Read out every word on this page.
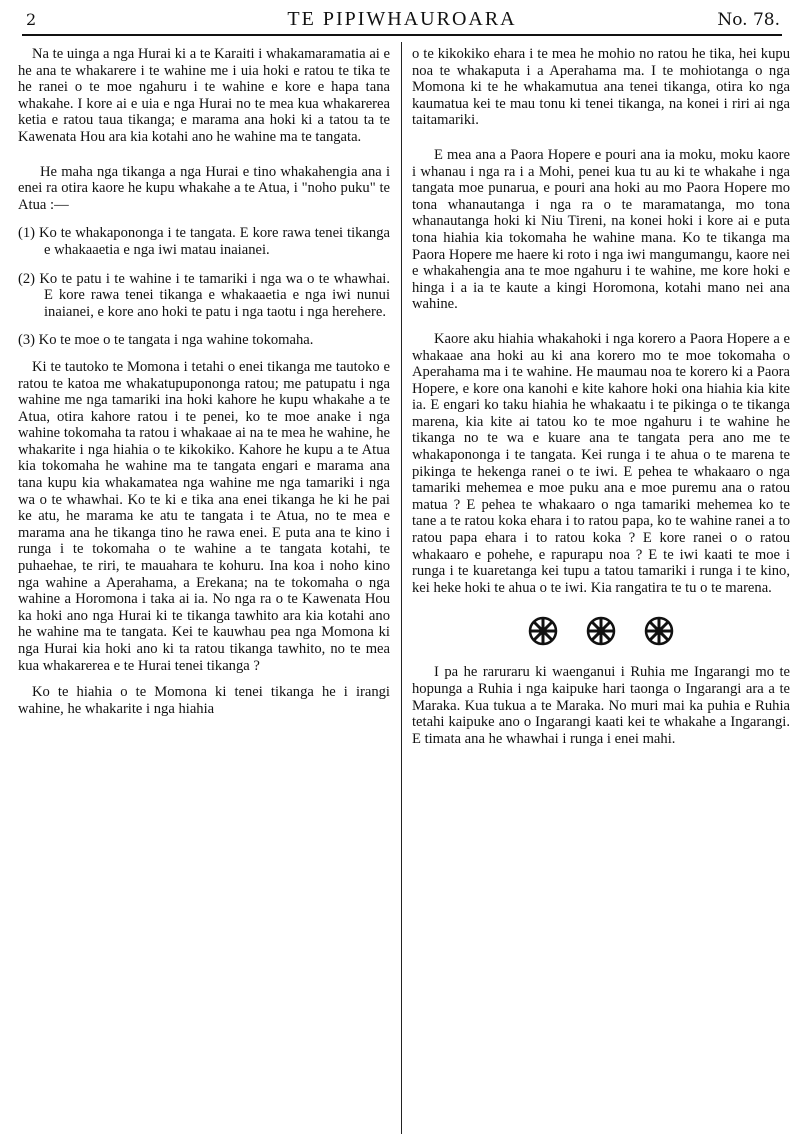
2	TE PIPIWHAUROARA	No. 78.

Na te uinga a nga Hurai ki a te Karaiti i whakamaramatia ai e he ana te whakarere i te wahine me i uia hoki e ratou te tika te he ranei o te moe ngahuru i te wahine e kore e hapa tana whakahe. I kore ai e uia e nga Hurai no te mea kua whakarerea ketia e ratou taua tikanga; e marama ana hoki ki a tatou ta te Kawenata Hou ara kia kotahi ano he wahine ma te tangata.

He maha nga tikanga a nga Hurai e tino whakahengia ana i enei ra otira kaore he kupu whakahe a te Atua, i "noho puku" te Atua :—

(1) Ko te whakapononga i te tangata. E kore rawa tenei tikanga e whakaaetia e nga iwi matau inaianei.

(2) Ko te patu i te wahine i te tamariki i nga wa o te whawhai. E kore rawa tenei tikanga e whakaaetia e nga iwi nunui inaianei, e kore ano hoki te patu i nga taotu i nga herehere.

(3) Ko te moe o te tangata i nga wahine tokomaha.

Ki te tautoko te Momona i tetahi o enei tikanga me tautoko e ratou te katoa me whakatupupononga ratou; me patupatu i nga wahine me nga tamariki ina hoki kahore he kupu whakahe a te Atua, otira kahore ratou i te penei, ko te moe anake i nga wahine tokomaha ta ratou i whakaae ai na te mea he wahine, he whakarite i nga hiahia o te kikokiko. Kahore he kupu a te Atua kia tokomaha he wahine ma te tangata engari e marama ana tana kupu kia whakamatea nga wahine me nga tamariki i nga wa o te whawhai. Ko te ki e tika ana enei tikanga he ki he pai ke atu, he marama ke atu te tangata i te Atua, no te mea e marama ana he tikanga tino he rawa enei. E puta ana te kino i runga i te tokomaha o te wahine a te tangata kotahi, te puhaehae, te riri, te mauahara te kohuru. Ina koa i noho kino nga wahine a Aperahama, a Erekana; na te tokomaha o nga wahine a Horomona i taka ai ia. No nga ra o te Kawenata Hou ka hoki ano nga Hurai ki te tikanga tawhito ara kia kotahi ano he wahine ma te tangata. Kei te kauwhau pea nga Momona ki nga Hurai kia hoki ano ki ta ratou tikanga tawhito, no te mea kua whakarerea e te Hurai tenei tikanga ?

Ko te hiahia o te Momona ki tenei tikanga he i irangi wahine, he whakarite i nga hiahia

o te kikokiko ehara i te mea he mohio no ratou he tika, hei kupu noa te whakaputa i a Aperahama ma. I te mohiotanga o nga Momona ki te he whakamutua ana tenei tikanga, otira ko nga kaumatua kei te mau tonu ki tenei tikanga, na konei i riri ai nga taitamariki.

E mea ana a Paora Hopere e pouri ana ia moku, moku kaore i whanau i nga ra i a Mohi, penei kua tu au ki te whakahe i nga tangata moe punarua, e pouri ana hoki au mo Paora Hopere mo tona whanautanga i nga ra o te maramatanga, mo tona whanautanga hoki ki Niu Tireni, na konei hoki i kore ai e puta tona hiahia kia tokomaha he wahine mana. Ko te tikanga ma Paora Hopere me haere ki roto i nga iwi mangumangu, kaore nei e whakahengia ana te moe ngahuru i te wahine, me kore hoki e hinga i a ia te kaute a kingi Horomona, kotahi mano nei ana wahine.

Kaore aku hiahia whakahoki i nga korero a Paora Hopere a e whakaae ana hoki au ki ana korero mo te moe tokomaha o Aperahama ma i te wahine. He maumau noa te korero ki a Paora Hopere, e kore ona kanohi e kite kahore hoki ona hiahia kia kite ia. E engari ko taku hiahia he whakaatu i te pikinga o te tikanga marena, kia kite ai tatou ko te moe ngahuru i te wahine he tikanga no te wa e kuare ana te tangata pera ano me te whakapononga i te tangata. Kei runga i te ahua o te marena te pikinga te hekenga ranei o te iwi. E pehea te whakaaro o nga tamariki mehemea e moe puku ana e moe puremu ana o ratou matua ? E pehea te whakaaro o nga tamariki mehemea ko te tane a te ratou koka ehara i to ratou papa, ko te wahine ranei a to ratou papa ehara i to ratou koka ? E kore ranei o o ratou whakaaro e pohehe, e rapurapu noa ? E te iwi kaati te moe i runga i te kuaretanga kei tupu a tatou tamariki i runga i te kino, kei heke hoki te ahua o te iwi. Kia rangatira te tu o te marena.

I pa he raruraru ki waenganui i Ruhia me Ingarangi mo te hopunga a Ruhia i nga kaipuke hari taonga o Ingarangi ara a te Maraka. Kua tukua a te Maraka. No muri mai ka puhia e Ruhia tetahi kaipuke ano o Ingarangi kaati kei te whakahe a Ingarangi. E timata ana he whawhai i runga i enei mahi.
